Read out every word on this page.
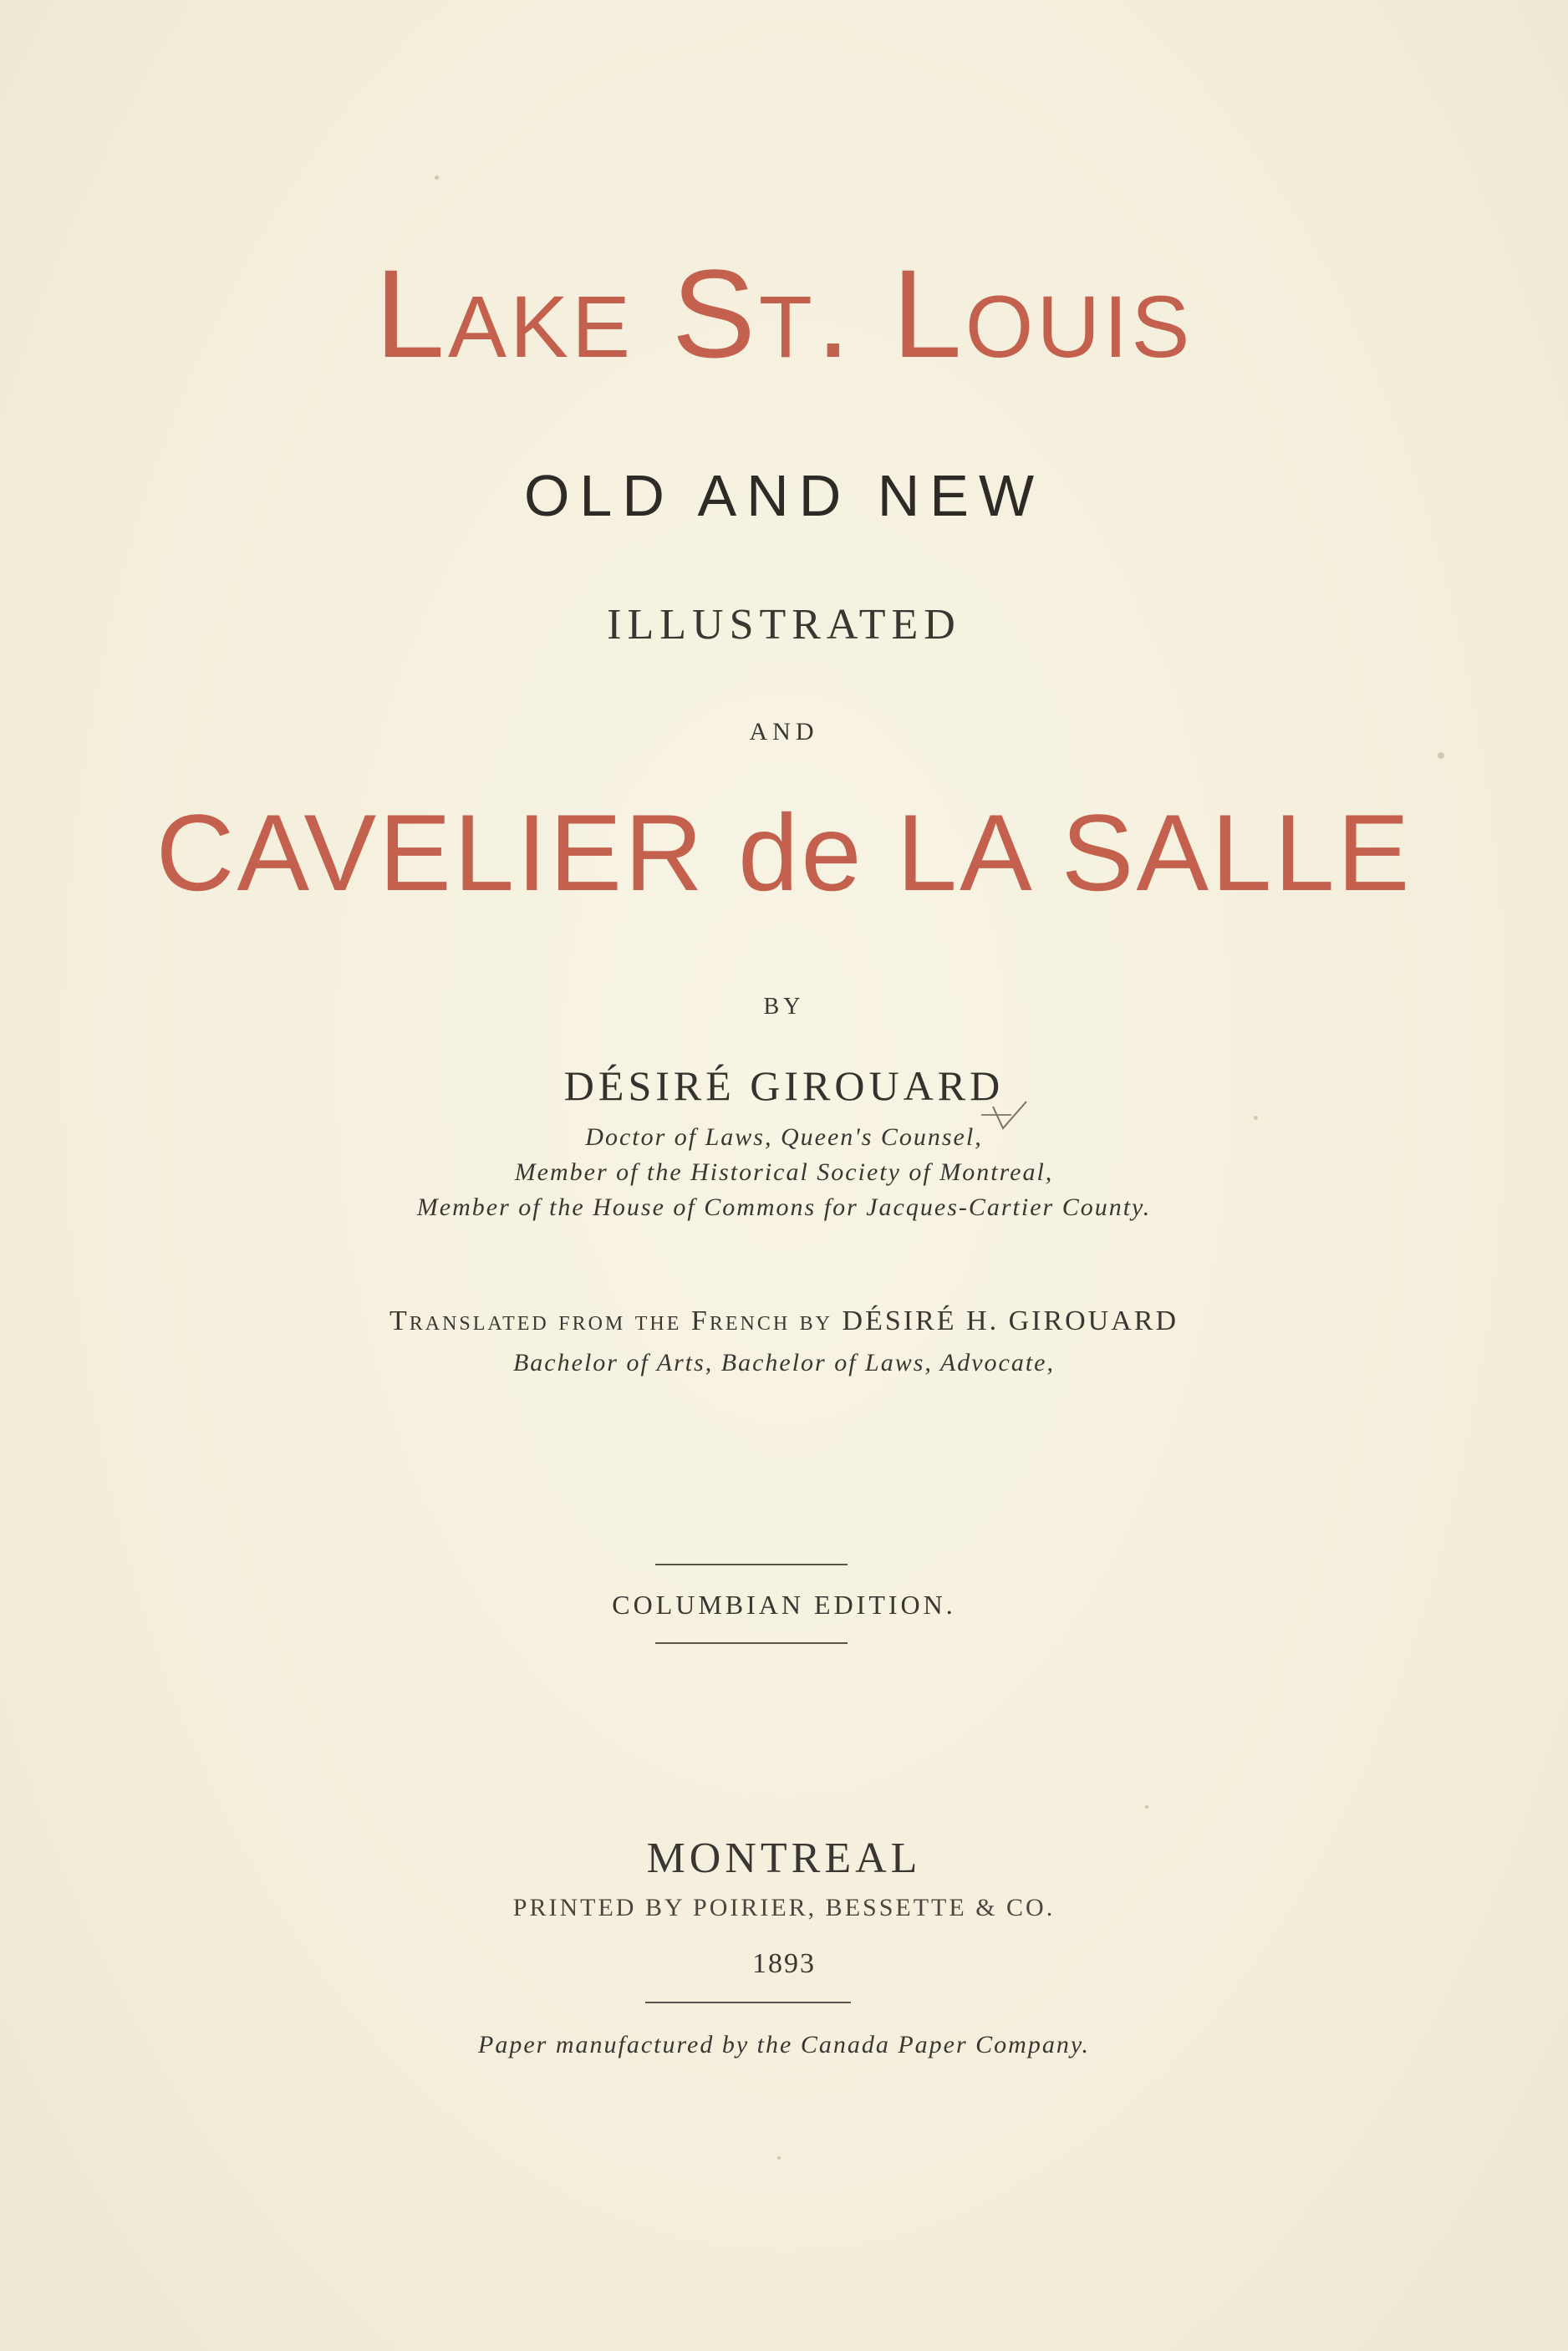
Lake St. Louis
OLD AND NEW
ILLUSTRATED
AND
CAVELIER de LA SALLE
BY
DÉSIRÉ GIROUARD
Doctor of Laws, Queen's Counsel,
Member of the Historical Society of Montreal,
Member of the House of Commons for Jacques-Cartier County.
Translated from the French by DÉSIRÉ H. GIROUARD
Bachelor of Arts, Bachelor of Laws, Advocate,
COLUMBIAN EDITION.
MONTREAL
PRINTED BY POIRIER, BESSETTE & CO.
1893
Paper manufactured by the Canada Paper Company.
